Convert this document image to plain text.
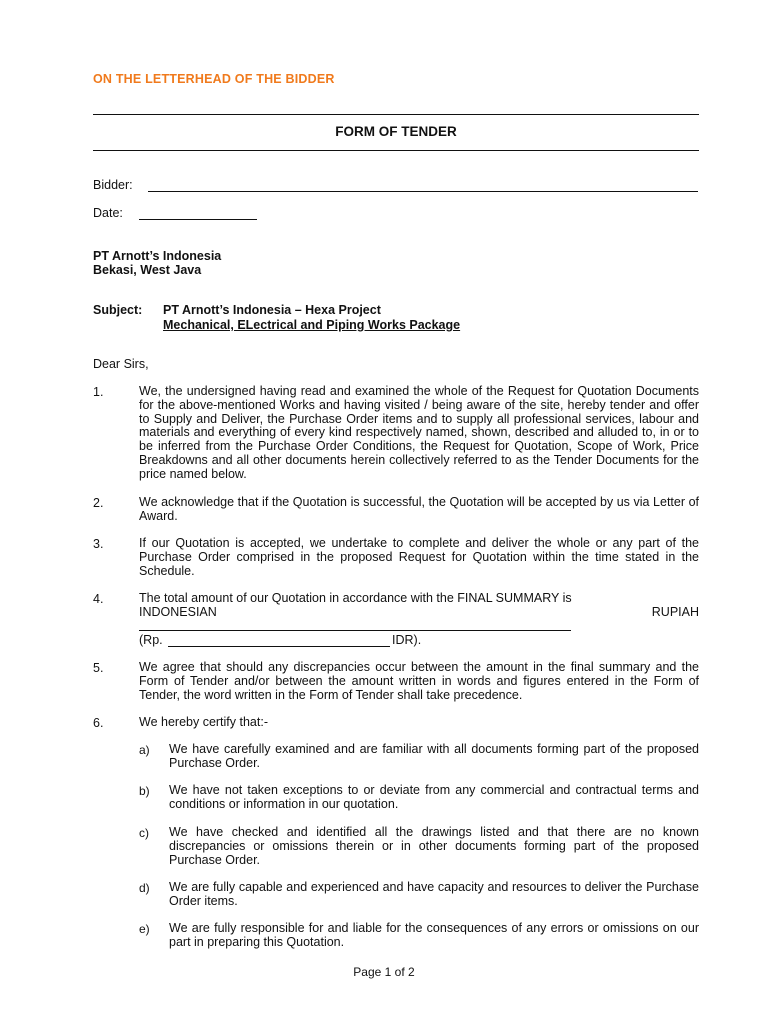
ON THE LETTERHEAD OF THE BIDDER
FORM OF TENDER
Bidder:
Date:
PT Arnott’s Indonesia
Bekasi, West Java
Subject: PT Arnott’s Indonesia – Hexa Project
Mechanical, ELectrical and Piping Works Package
Dear Sirs,
1.	We, the undersigned having read and examined the whole of the Request for Quotation Documents for the above-mentioned Works and having visited / being aware of the site, hereby tender and offer to Supply and Deliver, the Purchase Order items and to supply all professional services, labour and materials and everything of every kind respectively named, shown, described and alluded to, in or to be inferred from the Purchase Order Conditions, the Request for Quotation, Scope of Work, Price Breakdowns and all other documents herein collectively referred to as the Tender Documents for the price named below.
2.	We acknowledge that if the Quotation is successful, the Quotation will be accepted by us via Letter of Award.
3.	If our Quotation is accepted, we undertake to complete and deliver the whole or any part of the Purchase Order comprised in the proposed Request for Quotation within the time stated in the Schedule.
4.	The total amount of our Quotation in accordance with the FINAL SUMMARY is
INDONESIAN	RUPIAH
(Rp.	IDR).
5.	We agree that should any discrepancies occur between the amount in the final summary and the Form of Tender and/or between the amount written in words and figures entered in the Form of Tender, the word written in the Form of Tender shall take precedence.
6.	We hereby certify that:-
a) We have carefully examined and are familiar with all documents forming part of the proposed Purchase Order.
b) We have not taken exceptions to or deviate from any commercial and contractual terms and conditions or information in our quotation.
c) We have checked and identified all the drawings listed and that there are no known discrepancies or omissions therein or in other documents forming part of the proposed Purchase Order.
d) We are fully capable and experienced and have capacity and resources to deliver the Purchase Order items.
e) We are fully responsible for and liable for the consequences of any errors or omissions on our part in preparing this Quotation.
Page 1 of 2
